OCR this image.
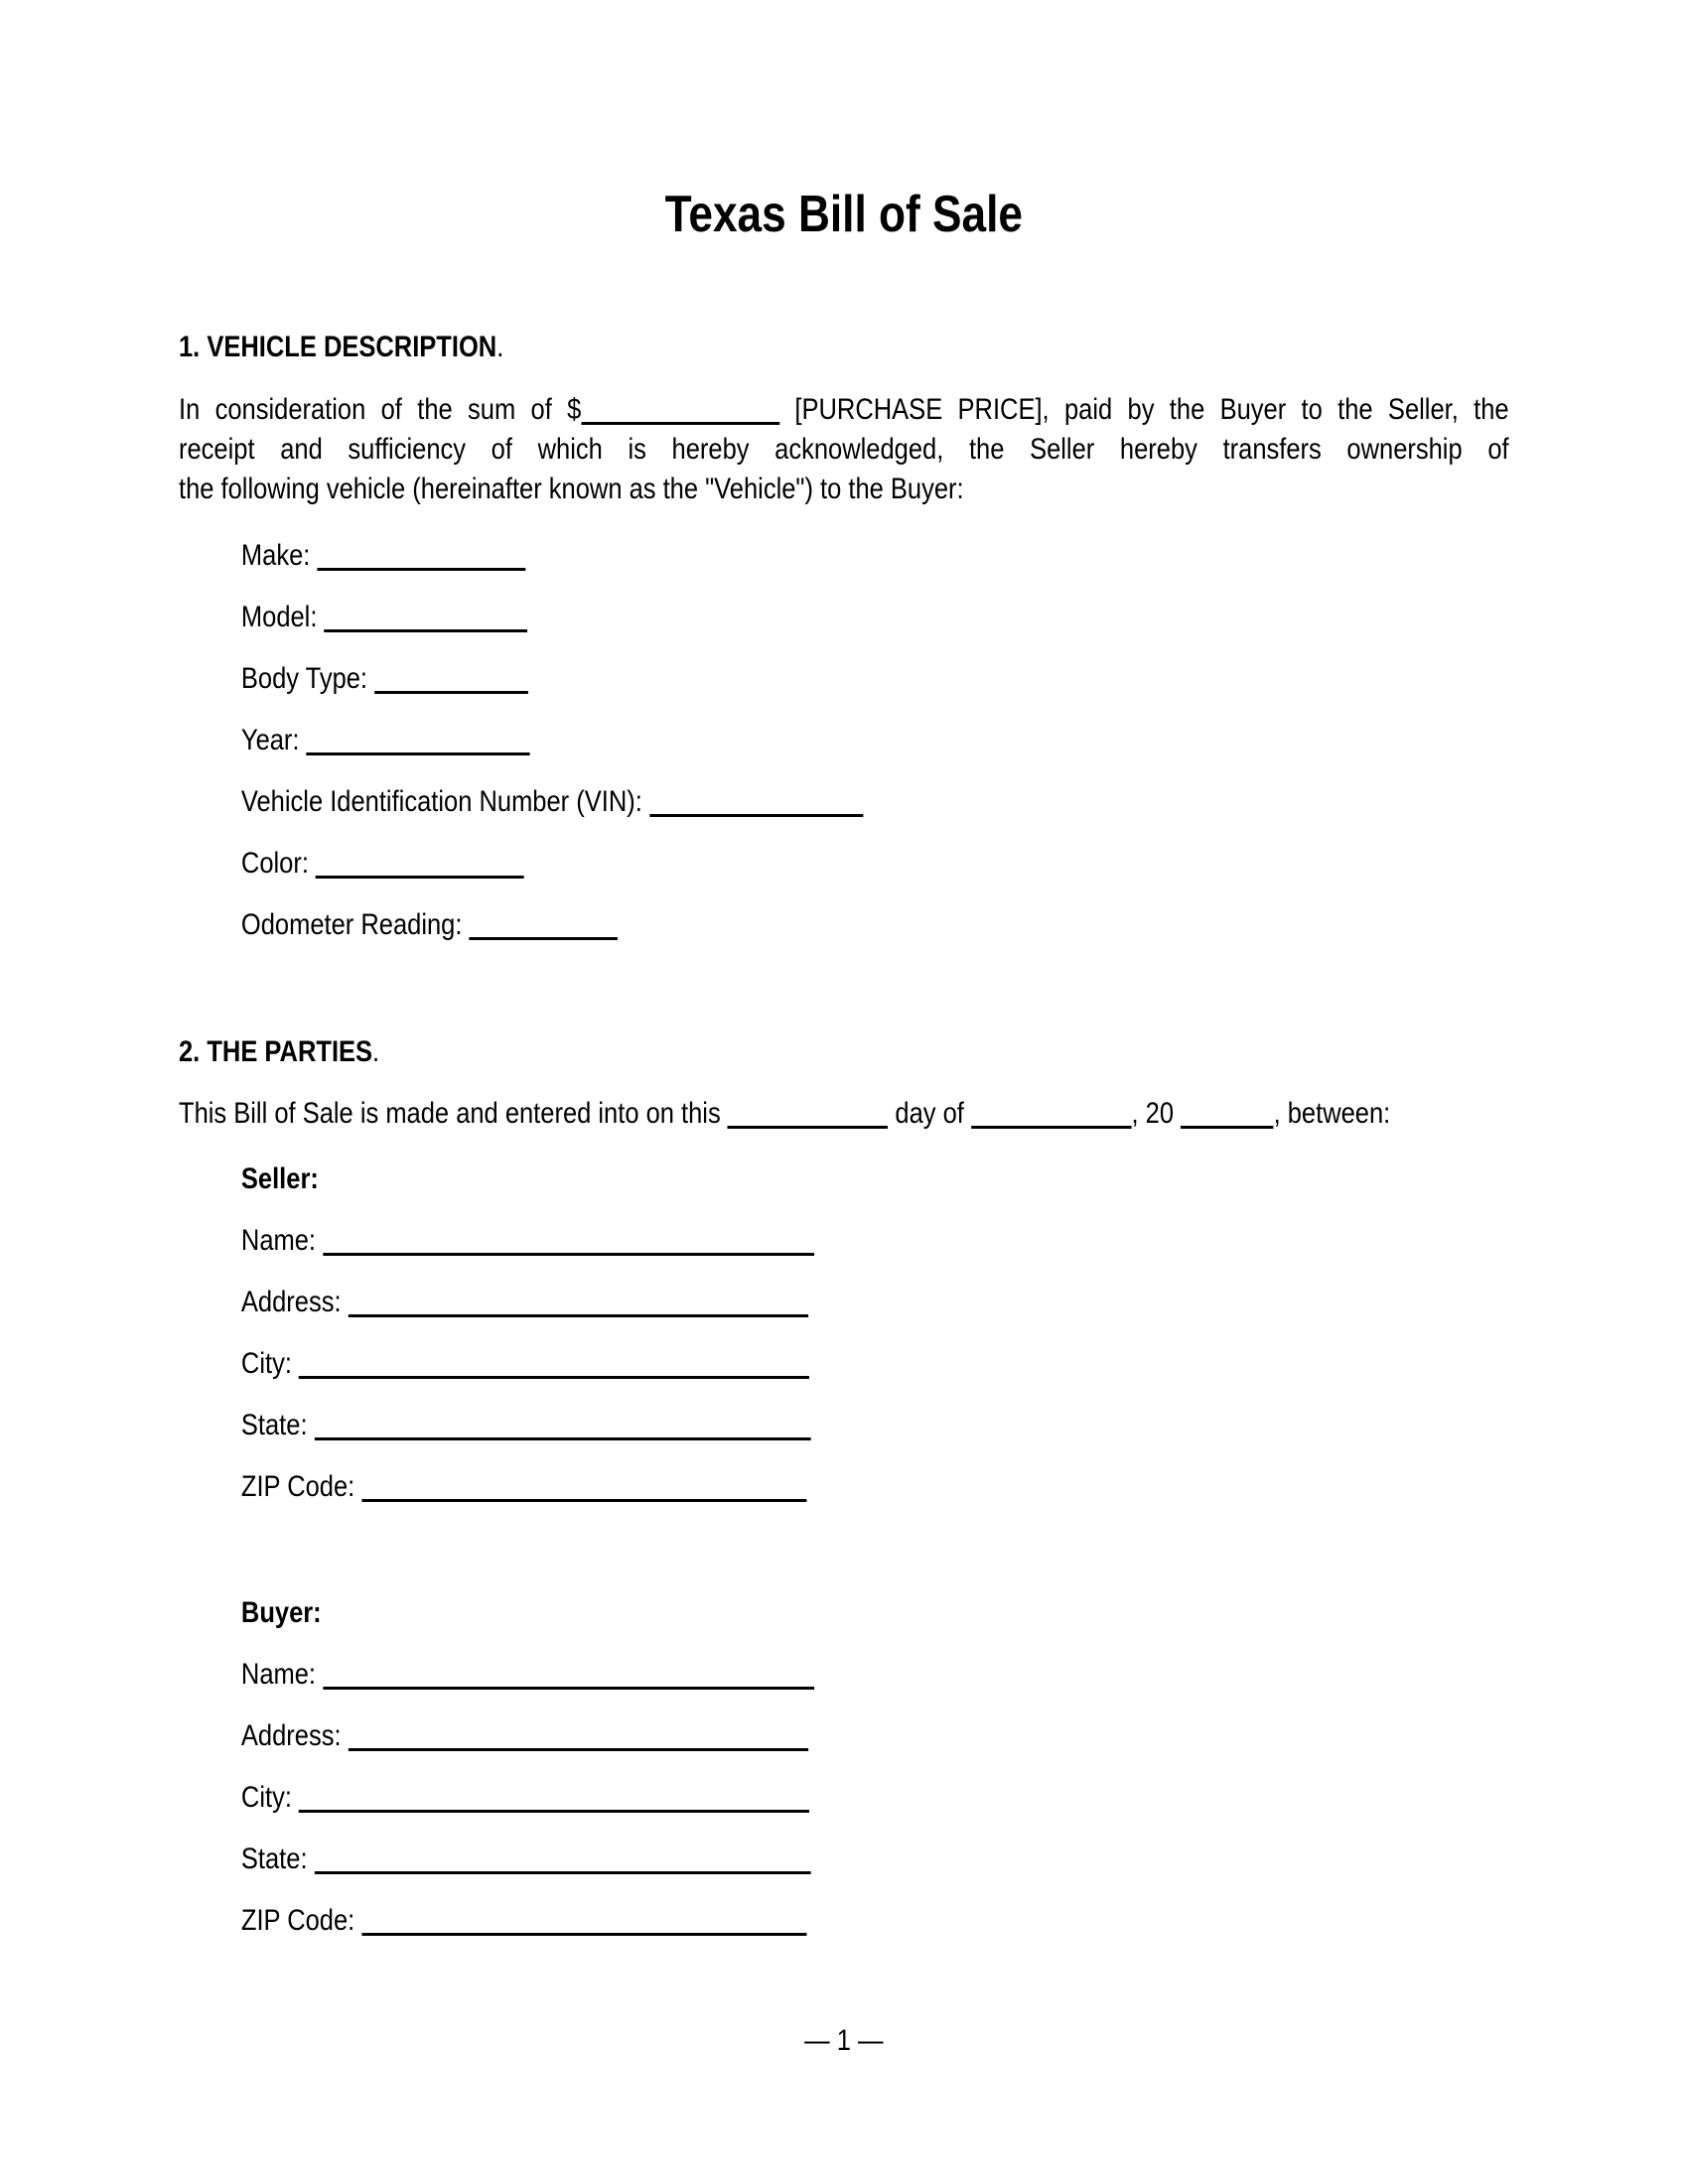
Texas Bill of Sale

1. VEHICLE DESCRIPTION.

In consideration of the sum of $	[PURCHASE PRICE], paid by the Buyer to the Seller, the
receipt and sufficiency of which is hereby acknowledged, the Seller hereby transfers ownership of
the following vehicle (hereinafter known as the "Vehicle") to the Buyer:
Make:
Model:
Body Type:
Year:
Vehicle Identification Number (VIN):
Color:
Odometer Reading:

2. THE PARTIES.

This Bill of Sale is made and entered into on this	day of	, 20	, between:

Seller:

Name:
Address:
City:
State:
ZIP Code:

Buyer:

Name:
Address:
City:
State:
ZIP Code:
— 1 —
